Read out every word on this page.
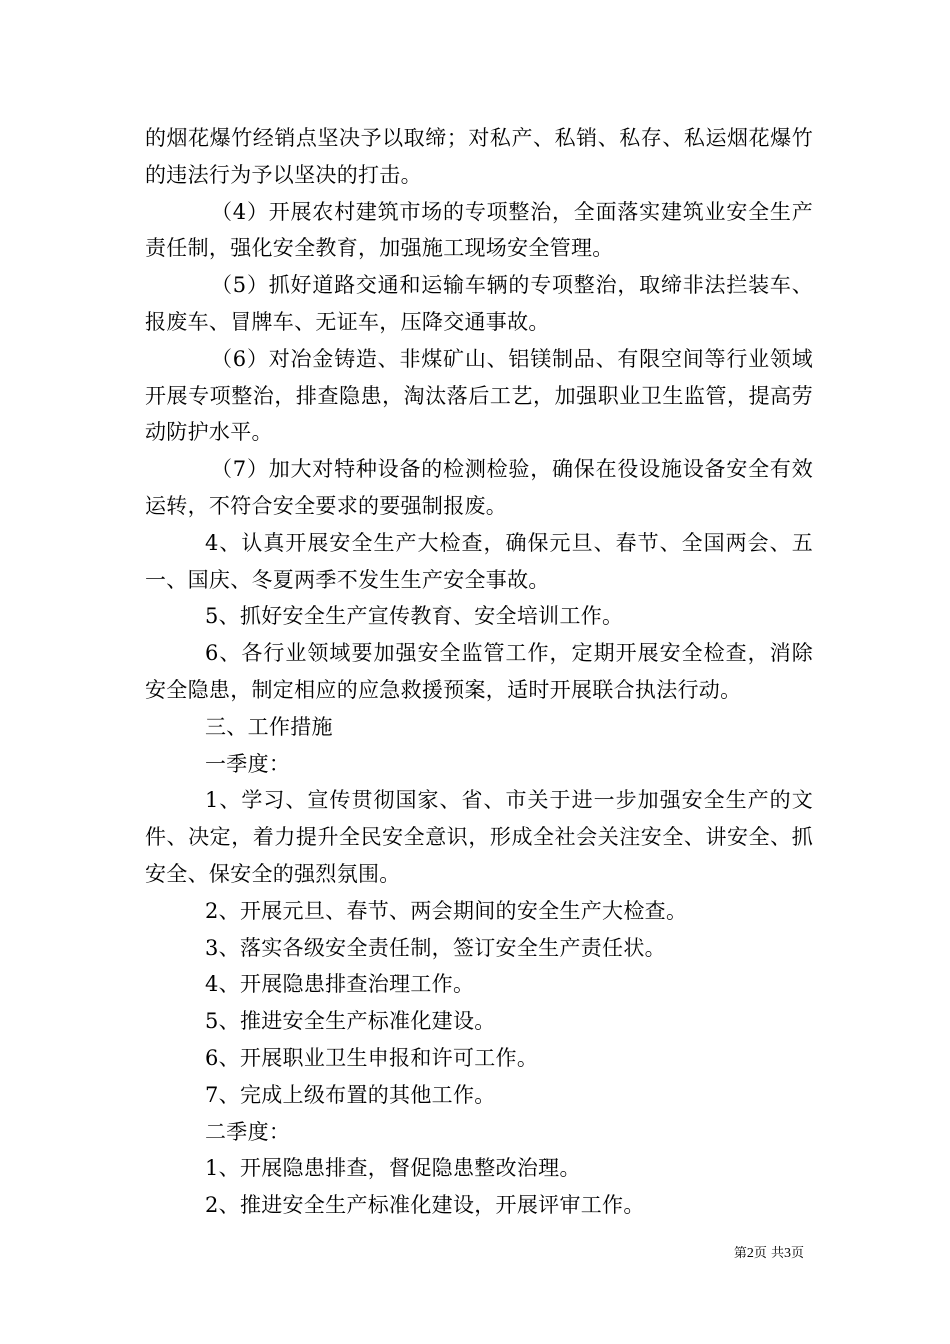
的烟花爆竹经销点坚决予以取缔；对私产、私销、私存、私运烟花爆竹的违法行为予以坚决的打击。

（4）开展农村建筑市场的专项整治，全面落实建筑业安全生产责任制，强化安全教育，加强施工现场安全管理。

（5）抓好道路交通和运输车辆的专项整治，取缔非法拦装车、报废车、冒牌车、无证车，压降交通事故。

（6）对冶金铸造、非煤矿山、铝镁制品、有限空间等行业领域开展专项整治，排查隐患，淘汰落后工艺，加强职业卫生监管，提高劳动防护水平。

（7）加大对特种设备的检测检验，确保在役设施设备安全有效运转，不符合安全要求的要强制报废。

4、认真开展安全生产大检查，确保元旦、春节、全国两会、五一、国庆、冬夏两季不发生生产安全事故。

5、抓好安全生产宣传教育、安全培训工作。

6、各行业领域要加强安全监管工作，定期开展安全检查，消除安全隐患，制定相应的应急救援预案，适时开展联合执法行动。

三、工作措施

一季度：

1、学习、宣传贯彻国家、省、市关于进一步加强安全生产的文件、决定，着力提升全民安全意识，形成全社会关注安全、讲安全、抓安全、保安全的强烈氛围。

2、开展元旦、春节、两会期间的安全生产大检查。

3、落实各级安全责任制，签订安全生产责任状。

4、开展隐患排查治理工作。

5、推进安全生产标准化建设。

6、开展职业卫生申报和许可工作。

7、完成上级布置的其他工作。

二季度：

1、开展隐患排查，督促隐患整改治理。

2、推进安全生产标准化建设，开展评审工作。

第2页 共3页
